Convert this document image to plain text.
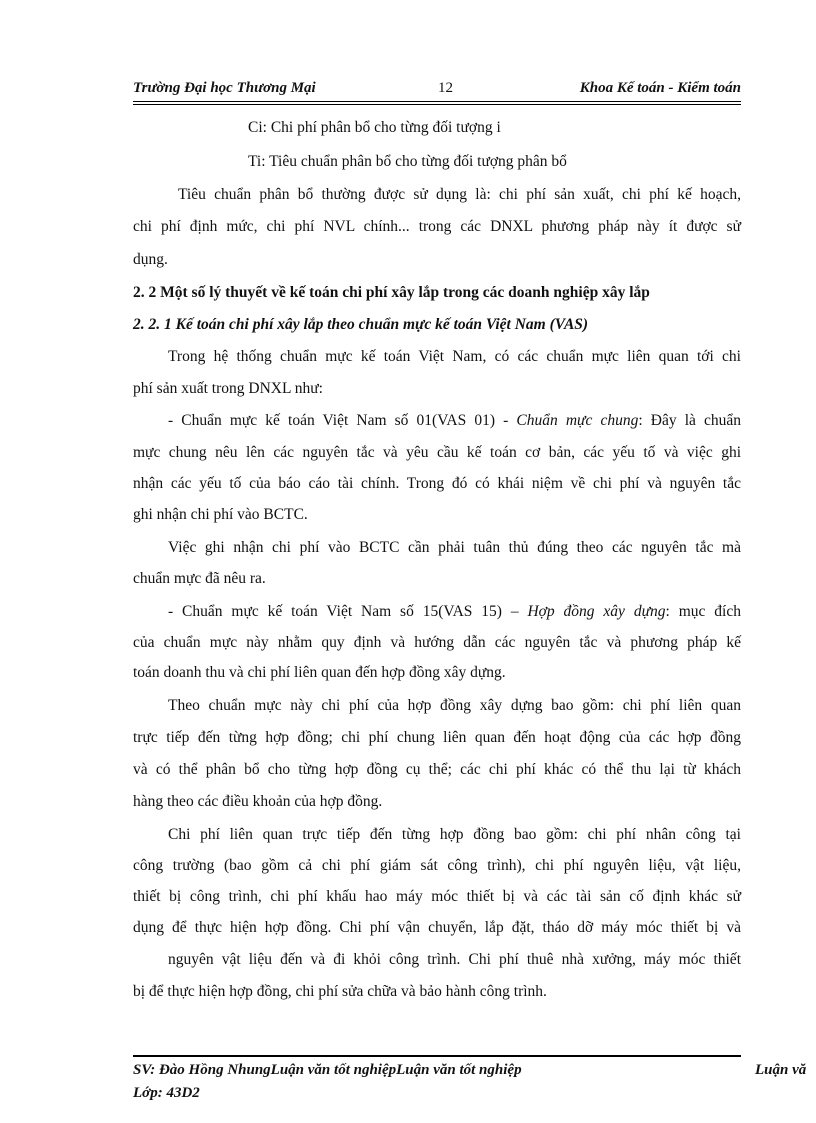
Trường Đại học Thương Mại	12	Khoa Kế toán - Kiểm toán
Ci: Chi phí phân bổ cho từng đối tượng i
Ti: Tiêu chuẩn phân bổ cho từng đối tượng phân bổ
Tiêu chuẩn phân bổ thường được sử dụng là: chi phí sản xuất, chi phí kế hoạch,
chi phí định mức, chi phí NVL chính... trong các DNXL phương pháp này ít được sử
dụng.
2. 2 Một số lý thuyết về kế toán chi phí xây lắp trong các doanh nghiệp xây lắp
2. 2. 1 Kế toán chi phí xây lắp theo chuẩn mực kế toán Việt Nam (VAS)
Trong hệ thống chuẩn mực kế toán Việt Nam, có các chuẩn mực liên quan tới chi
phí sản xuất trong DNXL như:
- Chuẩn mực kế toán Việt Nam số 01(VAS 01) - Chuẩn mực chung: Đây là chuẩn
mực chung nêu lên các nguyên tắc và yêu cầu kế toán cơ bản, các yếu tố và việc ghi
nhận các yếu tố của báo cáo tài chính. Trong đó có khái niệm về chi phí và nguyên tắc
ghi nhận chi phí vào BCTC.
Việc ghi nhận chi phí vào BCTC cần phải tuân thủ đúng theo các nguyên tắc mà
chuẩn mực đã nêu ra.
- Chuẩn mực kế toán Việt Nam số 15(VAS 15) – Hợp đồng xây dựng: mục đích
của chuẩn mực này nhằm quy định và hướng dẫn các nguyên tắc và phương pháp kế
toán doanh thu và chi phí liên quan đến hợp đồng xây dựng.
Theo chuẩn mực này chi phí của hợp đồng xây dựng bao gồm: chi phí liên quan
trực tiếp đến từng hợp đồng; chi phí chung liên quan đến hoạt động của các hợp đồng
và có thể phân bổ cho từng hợp đồng cụ thể; các chi phí khác có thể thu lại từ khách
hàng theo các điều khoản của hợp đồng.
Chi phí liên quan trực tiếp đến từng hợp đồng bao gồm: chi phí nhân công tại
công trường (bao gồm cả chi phí giám sát công trình), chi phí nguyên liệu, vật liệu,
thiết bị công trình, chi phí khấu hao máy móc thiết bị và các tài sản cố định khác sử
dụng để thực hiện hợp đồng. Chi phí vận chuyển, lắp đặt, tháo dỡ máy móc thiết bị và
nguyên vật liệu đến và đi khỏi công trình. Chi phí thuê nhà xưởng, máy móc thiết
bị để thực hiện hợp đồng, chi phí sửa chữa và bảo hành công trình.
SV: Đào Hồng NhungLuận văn tốt nghiệpLuận văn tốt nghiệp	Luận vă
Lớp: 43D2
